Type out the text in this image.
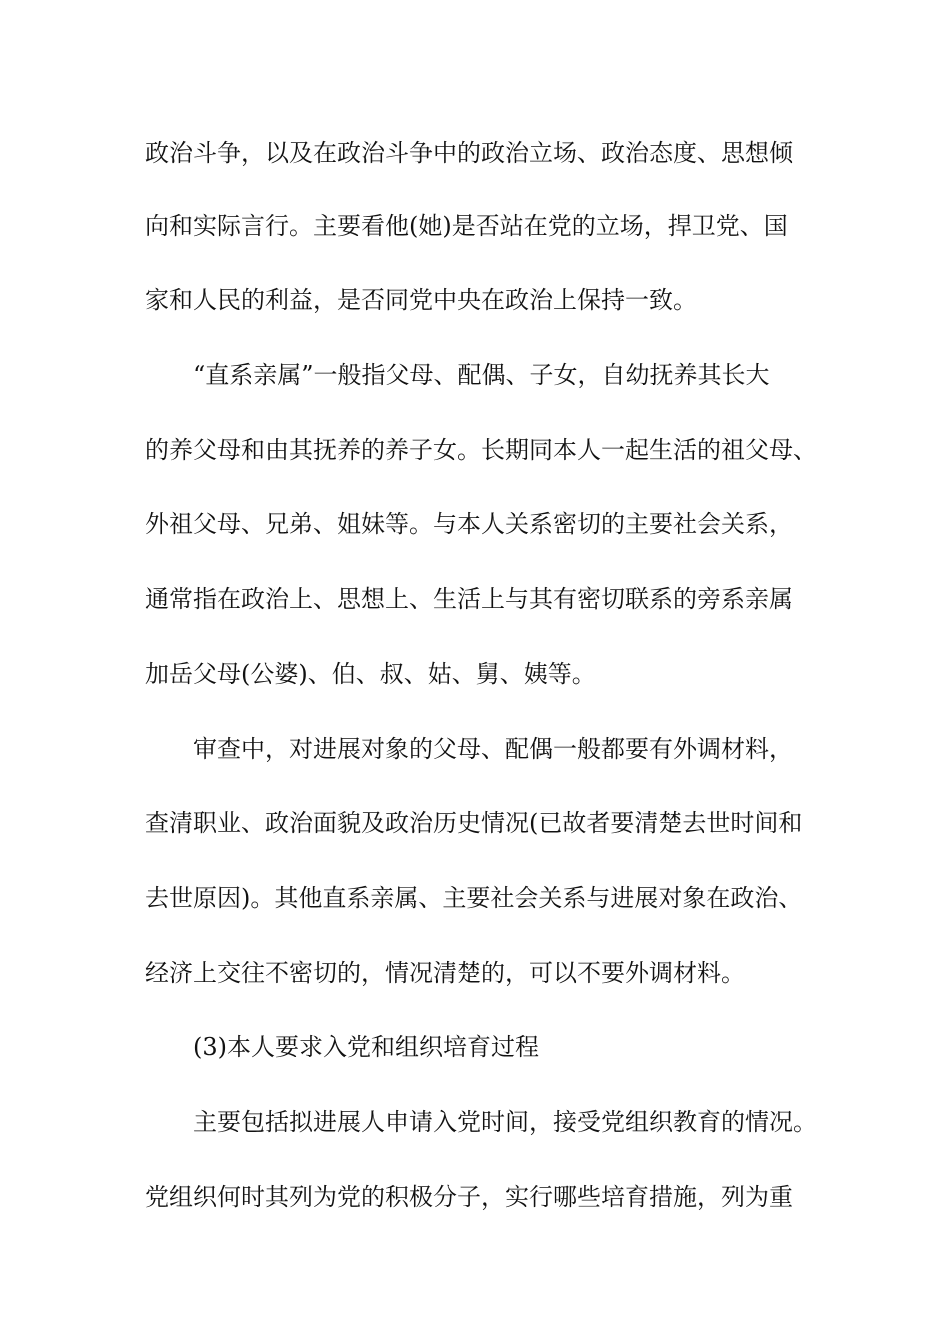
政治斗争，以及在政治斗争中的政治立场、政治态度、思想倾
向和实际言行。主要看他(她)是否站在党的立场，捍卫党、国
家和人民的利益，是否同党中央在政治上保持一致。
“直系亲属”一般指父母、配偶、子女，自幼抚养其长大
的养父母和由其抚养的养子女。长期同本人一起生活的祖父母、
外祖父母、兄弟、姐妹等。与本人关系密切的主要社会关系，
通常指在政治上、思想上、生活上与其有密切联系的旁系亲属
加岳父母(公婆)、伯、叔、姑、舅、姨等。
审查中，对进展对象的父母、配偶一般都要有外调材料，
查清职业、政治面貌及政治历史情况(已故者要清楚去世时间和
去世原因)。其他直系亲属、主要社会关系与进展对象在政治、
经济上交往不密切的，情况清楚的，可以不要外调材料。
(3)本人要求入党和组织培育过程
主要包括拟进展人申请入党时间，接受党组织教育的情况。
党组织何时其列为党的积极分子，实行哪些培育措施，列为重
